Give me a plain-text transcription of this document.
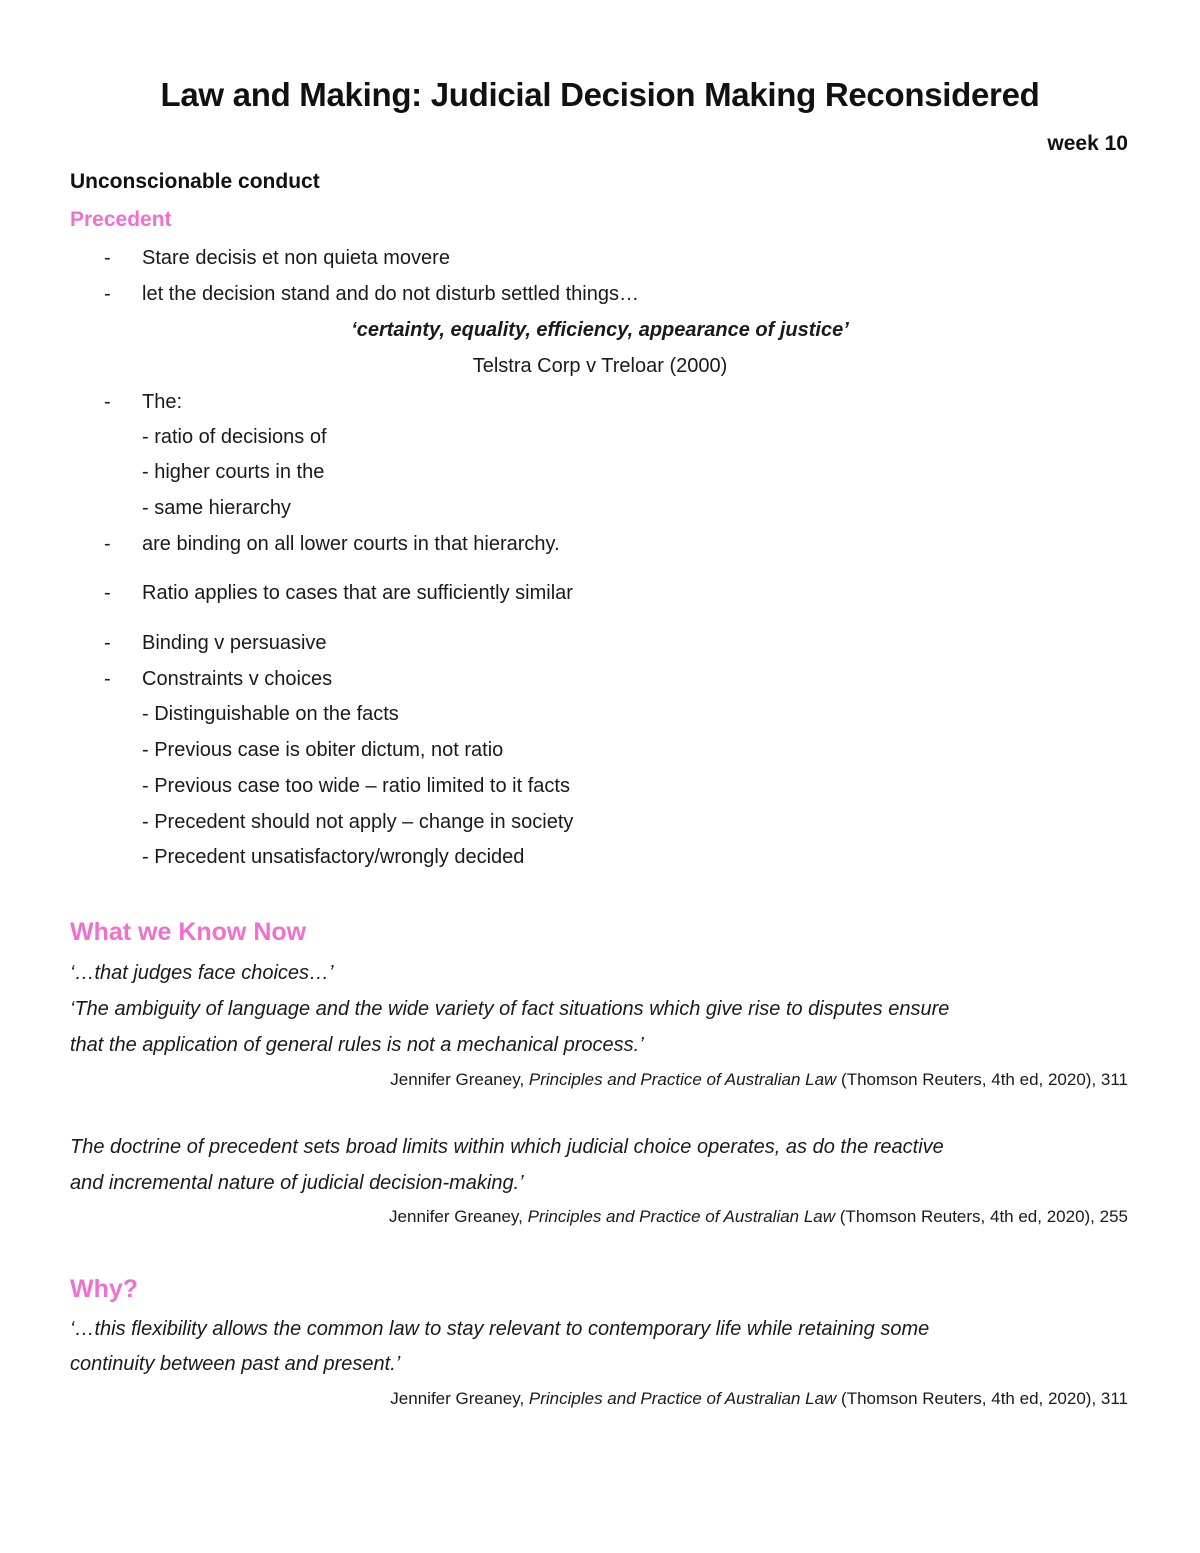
Law and Making: Judicial Decision Making Reconsidered
week 10
Unconscionable conduct
Precedent
- Stare decisis et non quieta movere
- let the decision stand and do not disturb settled things…
‘certainty, equality, efficiency, appearance of justice’
Telstra Corp v Treloar (2000)
- The:
- ratio of decisions of
- higher courts in the
- same hierarchy
- are binding on all lower courts in that hierarchy.
- Ratio applies to cases that are sufficiently similar
- Binding v persuasive
- Constraints v choices
- Distinguishable on the facts
- Previous case is obiter dictum, not ratio
- Previous case too wide – ratio limited to it facts
- Precedent should not apply – change in society
- Precedent unsatisfactory/wrongly decided
What we Know Now
‘…that judges face choices…’
‘The ambiguity of language and the wide variety of fact situations which give rise to disputes ensure
that the application of general rules is not a mechanical process.’
Jennifer Greaney, Principles and Practice of Australian Law (Thomson Reuters, 4th ed, 2020), 311
The doctrine of precedent sets broad limits within which judicial choice operates, as do the reactive
and incremental nature of judicial decision-making.’
Jennifer Greaney, Principles and Practice of Australian Law (Thomson Reuters, 4th ed, 2020), 255
Why?
‘…this flexibility allows the common law to stay relevant to contemporary life while retaining some
continuity between past and present.’
Jennifer Greaney, Principles and Practice of Australian Law (Thomson Reuters, 4th ed, 2020), 311
